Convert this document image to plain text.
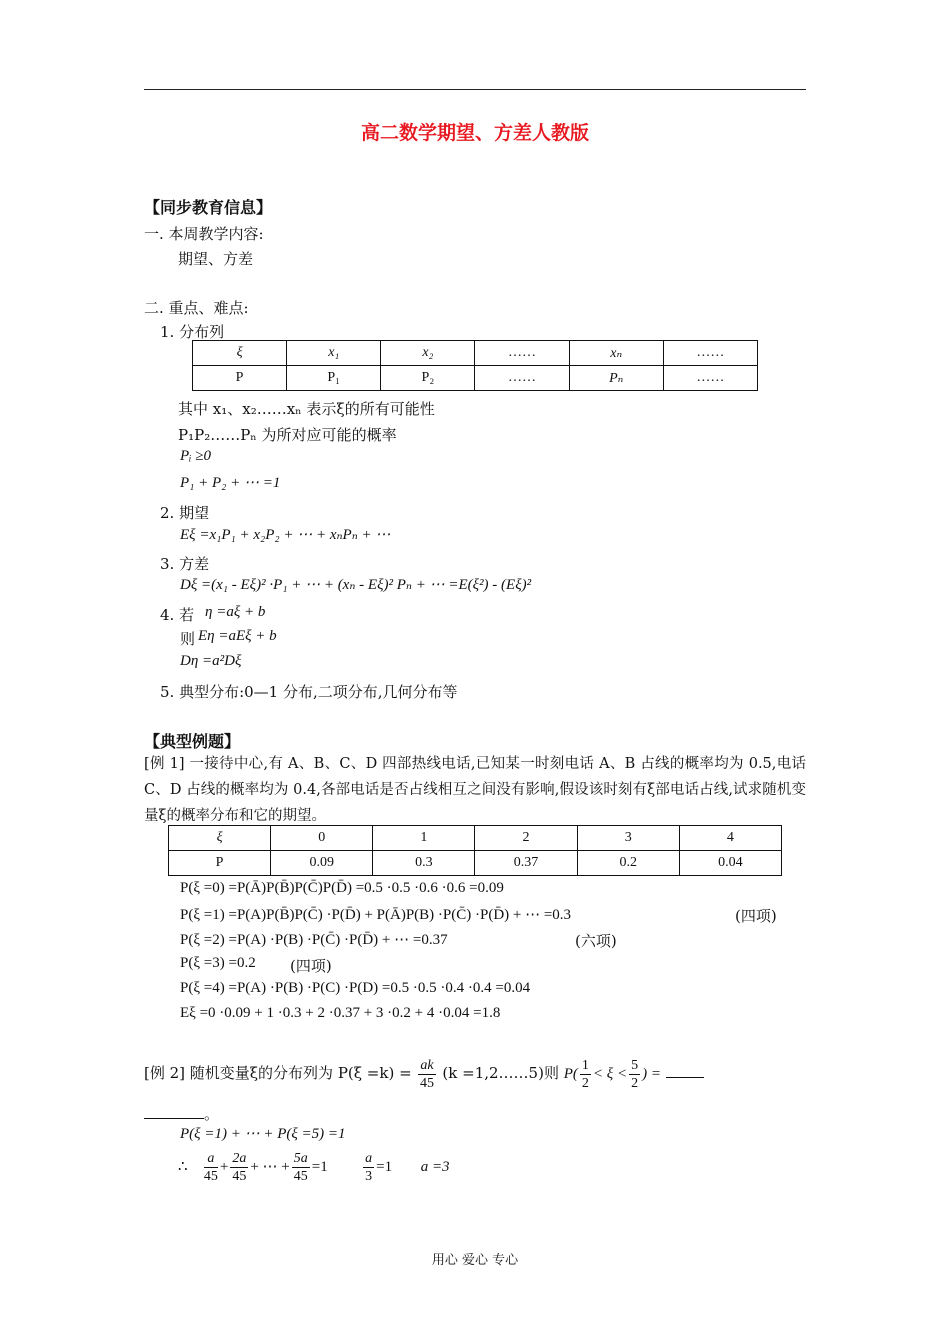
高二数学期望、方差人教版
【同步教育信息】
一. 本周教学内容:
期望、方差
二. 重点、难点:
1. 分布列
ξ	x₁	x₂	……	xₙ	……
P	P₁	P₂	……	Pₙ	……
其中 x₁、x₂……xₙ 表示ξ的所有可能性
P₁P₂……Pₙ 为所对应可能的概率
Pᵢ ≥0
P₁ + P₂ + ⋯ =1
2. 期望
Eξ =x₁P₁ + x₂P₂ + ⋯ + xₙPₙ + ⋯
3. 方差
Dξ =(x₁ - Eξ)² ·P₁ + ⋯ + (xₙ - Eξ)² Pₙ + ⋯ =E(ξ²) - (Eξ)²
4. 若 η =aξ + b
则 Eη =aEξ + b
Dη =a²Dξ
5. 典型分布:0—1 分布,二项分布,几何分布等
【典型例题】
[例 1] 一接待中心,有 A、B、C、D 四部热线电话,已知某一时刻电话 A、B 占线的概率均为 0.5,电话 C、D 占线的概率均为 0.4,各部电话是否占线相互之间没有影响,假设该时刻有ξ部电话占线,试求随机变量ξ的概率分布和它的期望。
ξ	0	1	2	3	4
P	0.09	0.3	0.37	0.2	0.04
P(ξ =0) =P(Ā)P(B̄)P(C̄)P(D̄) =0.5 ·0.5 ·0.6 ·0.6 =0.09
P(ξ =1) =P(A)P(B̄)P(C̄) ·P(D̄) + P(Ā)P(B) ·P(C̄) ·P(D̄) + ⋯ =0.3	(四项)
P(ξ =2) =P(A) ·P(B) ·P(C̄) ·P(D̄) + ⋯ =0.37	(六项)
P(ξ =3) =0.2 (四项)
P(ξ =4) =P(A) ·P(B) ·P(C) ·P(D) =0.5 ·0.5 ·0.4 ·0.4 =0.04
Eξ =0 ·0.09 + 1 ·0.3 + 2 ·0.37 + 3 ·0.2 + 4 ·0.04 =1.8
[例 2] 随机变量ξ的分布列为 $P(\xi =k) = \frac{ak}{45} (k$ =1,2……5)则 $P( \frac{1}{2} < \xi < \frac{5}{2}$ ) =
。
P(ξ =1) + ⋯ + P(ξ =5) =1
∴ $\frac{a}{45} + \frac{2a}{45}$ + ⋯ + $\frac{5a}{45} =1$	$\frac{a}{3} =1$ a =3
用心 爱心 专心
